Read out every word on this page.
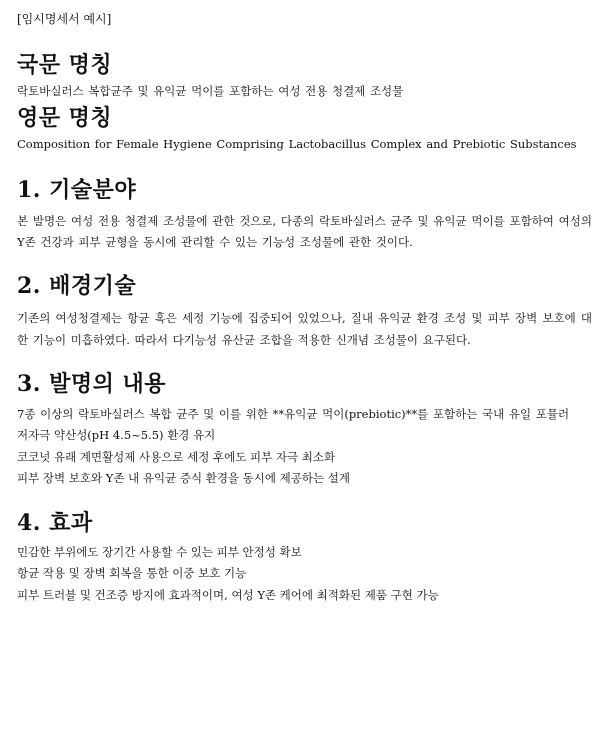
[임시명세서 예시]

국문 명칭

락토바실러스 복합균주 및 유익균 먹이를 포함하는 여성 전용 청결제 조성물

영문 명칭

Composition for Female Hygiene Comprising Lactobacillus Complex and Prebiotic Substances

1. 기술분야

본 발명은 여성 전용 청결제 조성물에 관한 것으로, 다종의 락토바실러스 균주 및 유익균 먹이를 포함하여 여성의 Y존 건강과 피부 균형을 동시에 관리할 수 있는 기능성 조성물에 관한 것이다.

2. 배경기술

기존의 여성청결제는 항균 혹은 세정 기능에 집중되어 있었으나, 질내 유익균 환경 조성 및 피부 장벽 보호에 대한 기능이 미흡하였다. 따라서 다기능성 유산균 조합을 적용한 신개념 조성물이 요구된다.

3. 발명의 내용

7종 이상의 락토바실러스 복합 균주 및 이를 위한 **유익균 먹이(prebiotic)**를 포함하는 국내 유일 포뮬러

저자극 약산성(pH 4.5~5.5) 환경 유지

코코넛 유래 계면활성제 사용으로 세정 후에도 피부 자극 최소화

피부 장벽 보호와 Y존 내 유익균 증식 환경을 동시에 제공하는 설계

4. 효과

민감한 부위에도 장기간 사용할 수 있는 피부 안정성 확보

항균 작용 및 장벽 회복을 통한 이중 보호 기능

피부 트러블 및 건조증 방지에 효과적이며, 여성 Y존 케어에 최적화된 제품 구현 가능
